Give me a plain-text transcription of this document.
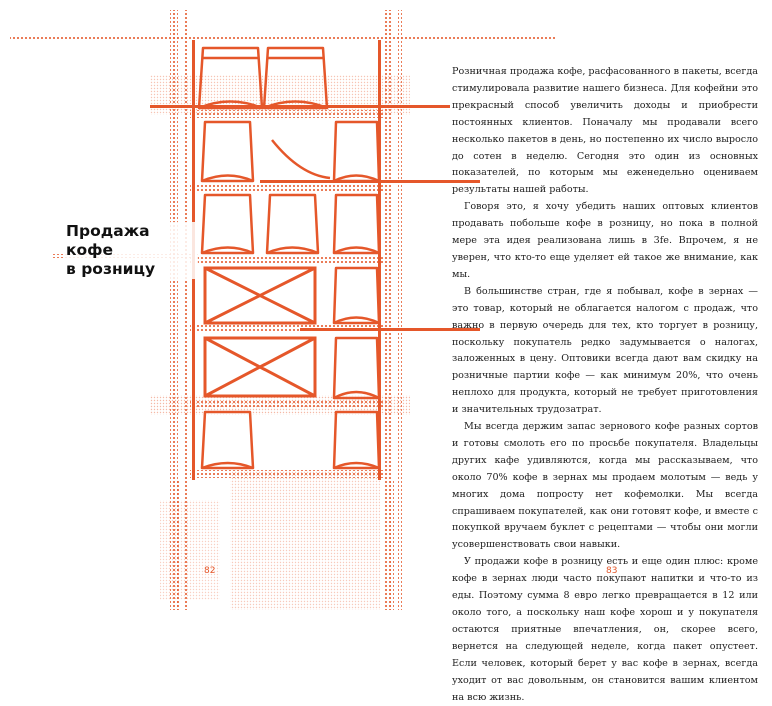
Продажа кофе
в розницу

Розничная продажа кофе, расфасованного в пакеты, всегда стимулировала развитие нашего бизнеса. Для кофейни это прекрасный способ увеличить доходы и приобрести постоянных клиентов. Поначалу мы продавали всего несколько пакетов в день, но постепенно их число выросло до сотен в неделю. Сегодня это один из основных показателей, по которым мы еженедельно оцениваем результаты нашей работы.

Говоря это, я хочу убедить наших оптовых клиентов продавать побольше кофе в розницу, но пока в полной мере эта идея реализована лишь в 3fe. Впрочем, я не уверен, что кто-то еще уделяет ей такое же внимание, как мы.

В большинстве стран, где я побывал, кофе в зернах — это товар, который не облагается налогом с продаж, что важно в первую очередь для тех, кто торгует в розницу, поскольку покупатель редко задумывается о налогах, заложенных в цену. Оптовики всегда дают вам скидку на розничные партии кофе — как минимум 20%, что очень неплохо для продукта, который не требует приготовления и значительных трудозатрат.

Мы всегда держим запас зернового кофе разных сортов и готовы смолоть его по просьбе покупателя. Владельцы других кафе удивляются, когда мы рассказываем, что около 70% кофе в зернах мы продаем молотым — ведь у многих дома попросту нет кофемолки. Мы всегда спрашиваем покупателей, как они готовят кофе, и вместе с покупкой вручаем буклет с рецептами — чтобы они могли усовершенствовать свои навыки.

У продажи кофе в розницу есть и еще один плюс: кроме кофе в зернах люди часто покупают напитки и что-то из еды. Поэтому сумма 8 евро легко превращается в 12 или около того, а поскольку наш кофе хорош и у покупателя остаются приятные впечатления, он, скорее всего, вернется на следующей неделе, когда пакет опустеет. Если человек, который берет у вас кофе в зернах, всегда уходит от вас довольным, он становится вашим клиентом на всю жизнь.

82	83
